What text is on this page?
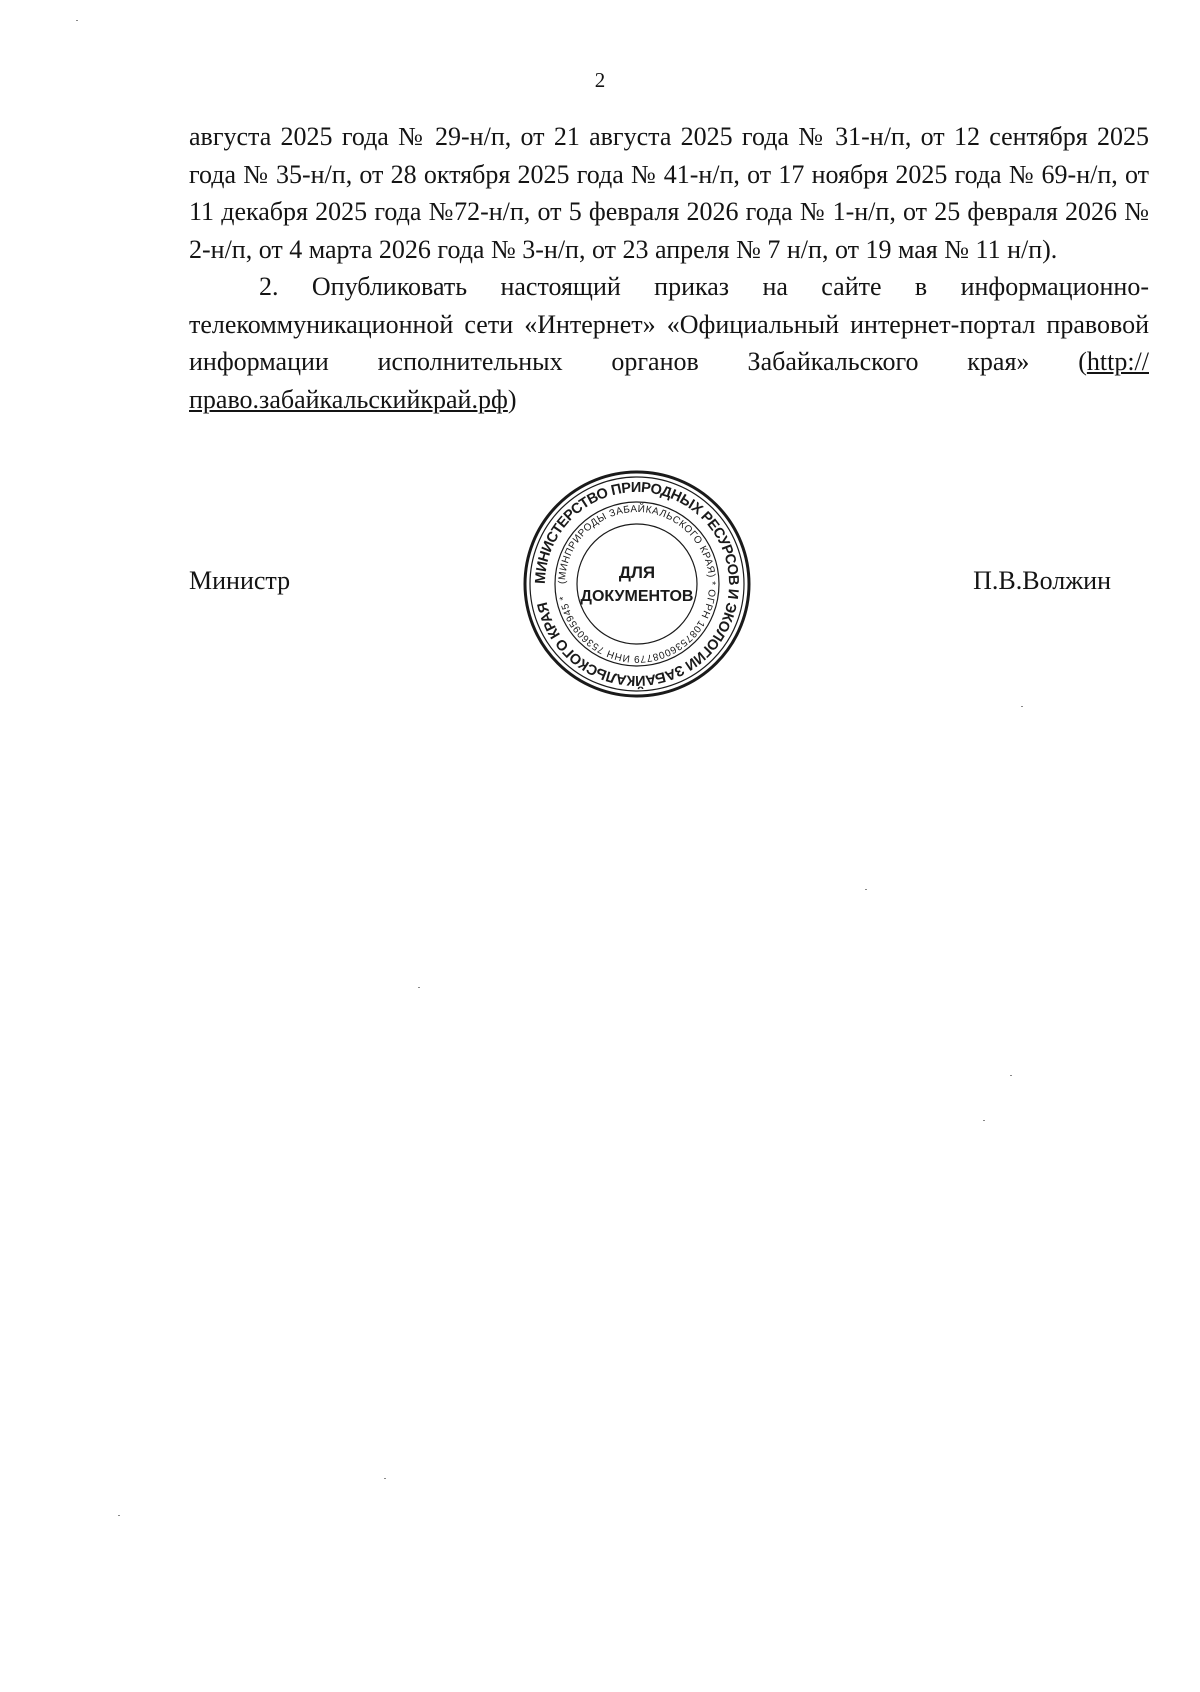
2

августа 2025 года № 29-н/п, от 21 августа 2025 года № 31-н/п, от 12 сентября 2025 года № 35-н/п, от 28 октября 2025 года № 41-н/п, от 17 ноября 2025 года № 69-н/п, от 11 декабря 2025 года №72-н/п, от 5 февраля 2026 года № 1-н/п, от 25 февраля 2026 № 2-н/п, от 4 марта 2026 года № 3-н/п, от 23 апреля № 7 н/п, от 19 мая № 11 н/п).

2. Опубликовать настоящий приказ на сайте в информационно-телекоммуникационной сети «Интернет» «Официальный интернет-портал правовой информации исполнительных органов Забайкальского края» (http://право.забайкальскийкрай.рф)

Министр	П.В.Волжин
МИНИСТЕРСТВО ПРИРОДНЫХ РЕСУРСОВ И ЭКОЛОГИИ ЗАБАЙКАЛЬСКОГО КРАЯ
(МИНПРИРОДЫ ЗАБАЙКАЛЬСКОГО КРАЯ) * ОГРН 1087536008779 ИНН 7536095945 *
ДЛЯ
ДОКУМЕНТОВ
